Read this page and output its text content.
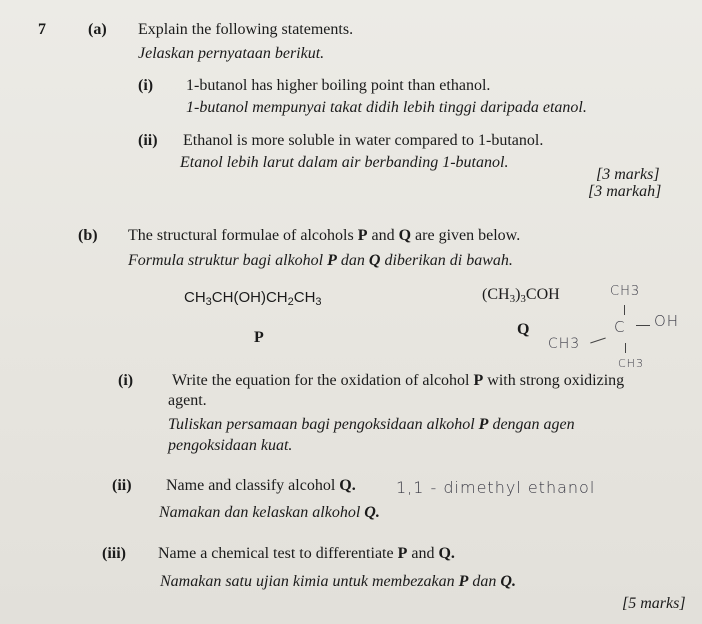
7	(a) Explain the following statements.
Jelaskan pernyataan berikut.
(i) 1-butanol has higher boiling point than ethanol.
1-butanol mempunyai takat didih lebih tinggi daripada etanol.
(ii) Ethanol is more soluble in water compared to 1-butanol.
Etanol lebih larut dalam air berbanding 1-butanol.
[3 marks]
[3 markah]
(b) The structural formulae of alcohols P and Q are given below.
Formula struktur bagi alkohol P dan Q diberikan di bawah.
$CH_3CH(OH)CH_2CH_3$	$(CH_3)_3COH$
P	Q
(i) Write the equation for the oxidation of alcohol P with strong oxidizing
agent.
Tuliskan persamaan bagi pengoksidaan alkohol P dengan agen
pengoksidaan kuat.
(ii) Name and classify alcohol Q.
Namakan dan kelaskan alkohol Q.
(iii) Name a chemical test to differentiate P and Q.
Namakan satu ujian kimia untuk membezakan P dan Q.
[5 marks]
CH3
CH3
C OH
CH3
1,1 - dimethyl ethanol
